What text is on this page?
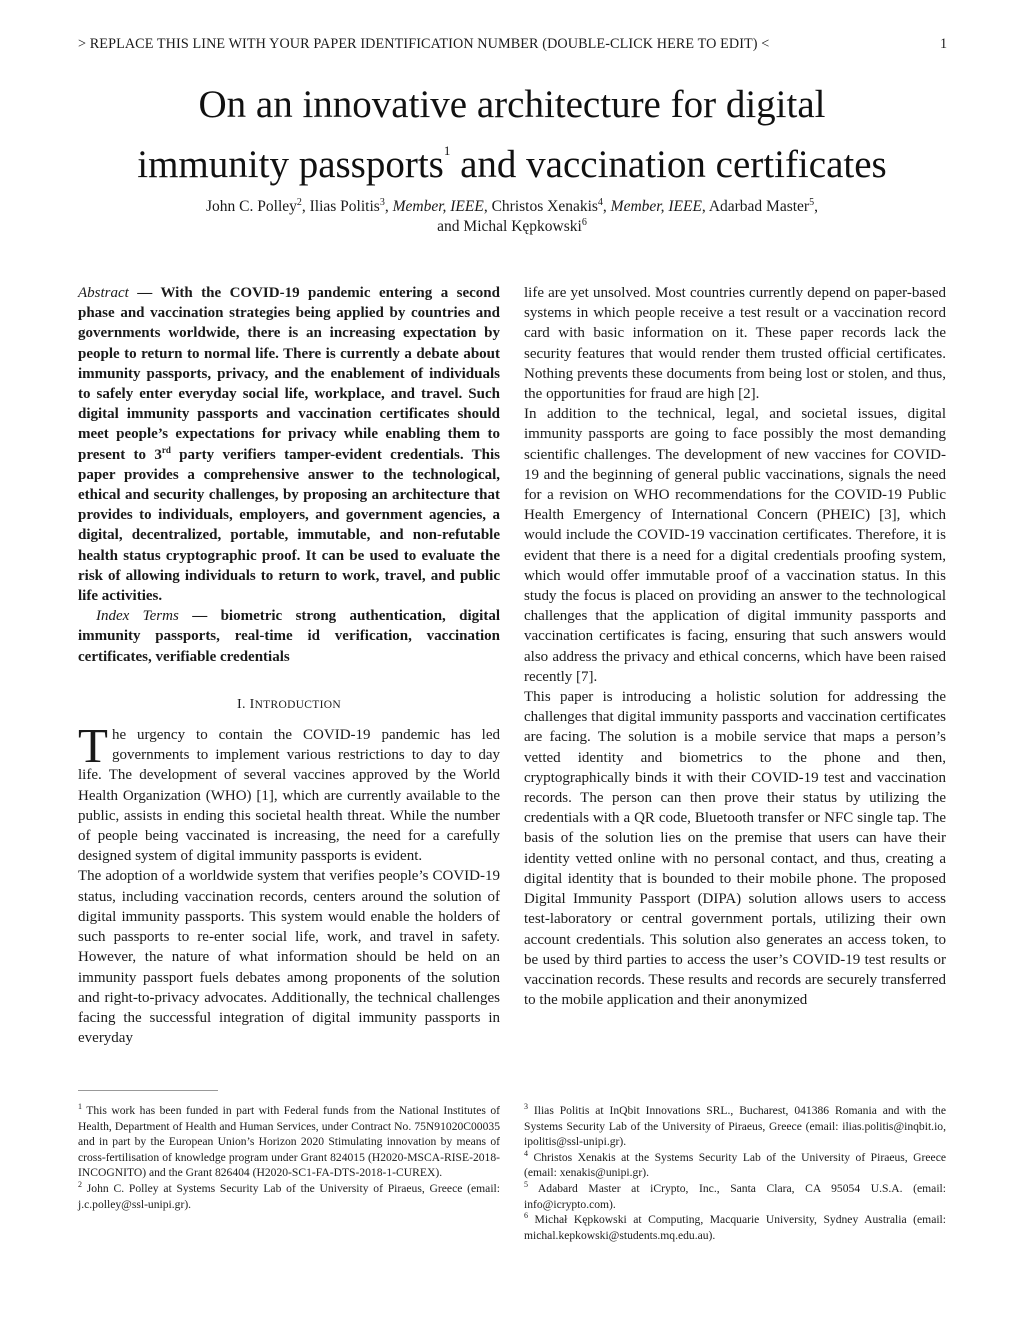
> REPLACE THIS LINE WITH YOUR PAPER IDENTIFICATION NUMBER (DOUBLE-CLICK HERE TO EDIT) <	1
On an innovative architecture for digital
immunity passports$^1$ and vaccination certificates
John C. Polley$^2$, Ilias Politis$^3$, Member, IEEE, Christos Xenakis$^4$, Member, IEEE, Adarbad Master$^5$,
and Michal Kępkowski$^6$

Abstract — With the COVID-19 pandemic entering a second phase and vaccination strategies being applied by countries and governments worldwide, there is an increasing expectation by people to return to normal life. There is currently a debate about immunity passports, privacy, and the enablement of individuals to safely enter everyday social life, workplace, and travel. Such digital immunity passports and vaccination certificates should meet people’s expectations for privacy while enabling them to present to 3rd party verifiers tamper-evident credentials. This paper provides a comprehensive answer to the technological, ethical and security challenges, by proposing an architecture that provides to individuals, employers, and government agencies, a digital, decentralized, portable, immutable, and non-refutable health status cryptographic proof. It can be used to evaluate the risk of allowing individuals to return to work, travel, and public life activities.

Index Terms — biometric strong authentication, digital immunity passports, real-time id verification, vaccination certificates, verifiable credentials

I. INTRODUCTION

The urgency to contain the COVID-19 pandemic has led governments to implement various restrictions to day to day life. The development of several vaccines approved by the World Health Organization (WHO) [1], which are currently available to the public, assists in ending this societal health threat. While the number of people being vaccinated is increasing, the need for a carefully designed system of digital immunity passports is evident.

The adoption of a worldwide system that verifies people’s COVID-19 status, including vaccination records, centers around the solution of digital immunity passports. This system would enable the holders of such passports to re-enter social life, work, and travel in safety. However, the nature of what information should be held on an immunity passport fuels debates among proponents of the solution and right-to-privacy advocates. Additionally, the technical challenges facing the successful integration of digital immunity passports in everyday

life are yet unsolved. Most countries currently depend on paper-based systems in which people receive a test result or a vaccination record card with basic information on it. These paper records lack the security features that would render them trusted official certificates. Nothing prevents these documents from being lost or stolen, and thus, the opportunities for fraud are high [2].

In addition to the technical, legal, and societal issues, digital immunity passports are going to face possibly the most demanding scientific challenges. The development of new vaccines for COVID-19 and the beginning of general public vaccinations, signals the need for a revision on WHO recommendations for the COVID-19 Public Health Emergency of International Concern (PHEIC) [3], which would include the COVID-19 vaccination certificates. Therefore, it is evident that there is a need for a digital credentials proofing system, which would offer immutable proof of a vaccination status. In this study the focus is placed on providing an answer to the technological challenges that the application of digital immunity passports and vaccination certificates is facing, ensuring that such answers would also address the privacy and ethical concerns, which have been raised recently [7].

This paper is introducing a holistic solution for addressing the challenges that digital immunity passports and vaccination certificates are facing. The solution is a mobile service that maps a person’s vetted identity and biometrics to the phone and then, cryptographically binds it with their COVID-19 test and vaccination records. The person can then prove their status by utilizing the credentials with a QR code, Bluetooth transfer or NFC single tap. The basis of the solution lies on the premise that users can have their identity vetted online with no personal contact, and thus, creating a digital identity that is bounded to their mobile phone. The proposed Digital Immunity Passport (DIPA) solution allows users to access test-laboratory or central government portals, utilizing their own account credentials. This solution also generates an access token, to be used by third parties to access the user’s COVID-19 test results or vaccination records. These results and records are securely transferred to the mobile application and their anonymized

$^1$ This work has been funded in part with Federal funds from the National Institutes of Health, Department of Health and Human Services, under Contract No. 75N91020C00035 and in part by the European Union’s Horizon 2020 Stimulating innovation by means of cross-fertilisation of knowledge program under Grant 824015 (H2020-MSCA-RISE-2018-INCOGNITO) and the Grant 826404 (H2020-SC1-FA-DTS-2018-1-CUREX).

$^2$ John C. Polley at Systems Security Lab of the University of Piraeus, Greece (email: j.c.polley@ssl-unipi.gr).

$^3$ Ilias Politis at InQbit Innovations SRL., Bucharest, 041386 Romania and with the Systems Security Lab of the University of Piraeus, Greece (email: ilias.politis@inqbit.io, ipolitis@ssl-unipi.gr).

$^4$ Christos Xenakis at the Systems Security Lab of the University of Piraeus, Greece (email: xenakis@unipi.gr).

$^5$ Adabard Master at iCrypto, Inc., Santa Clara, CA 95054 U.S.A. (email: info@icrypto.com).

$^6$ Michał Kępkowski at Computing, Macquarie University, Sydney Australia (email: michal.kepkowski@students.mq.edu.au).
